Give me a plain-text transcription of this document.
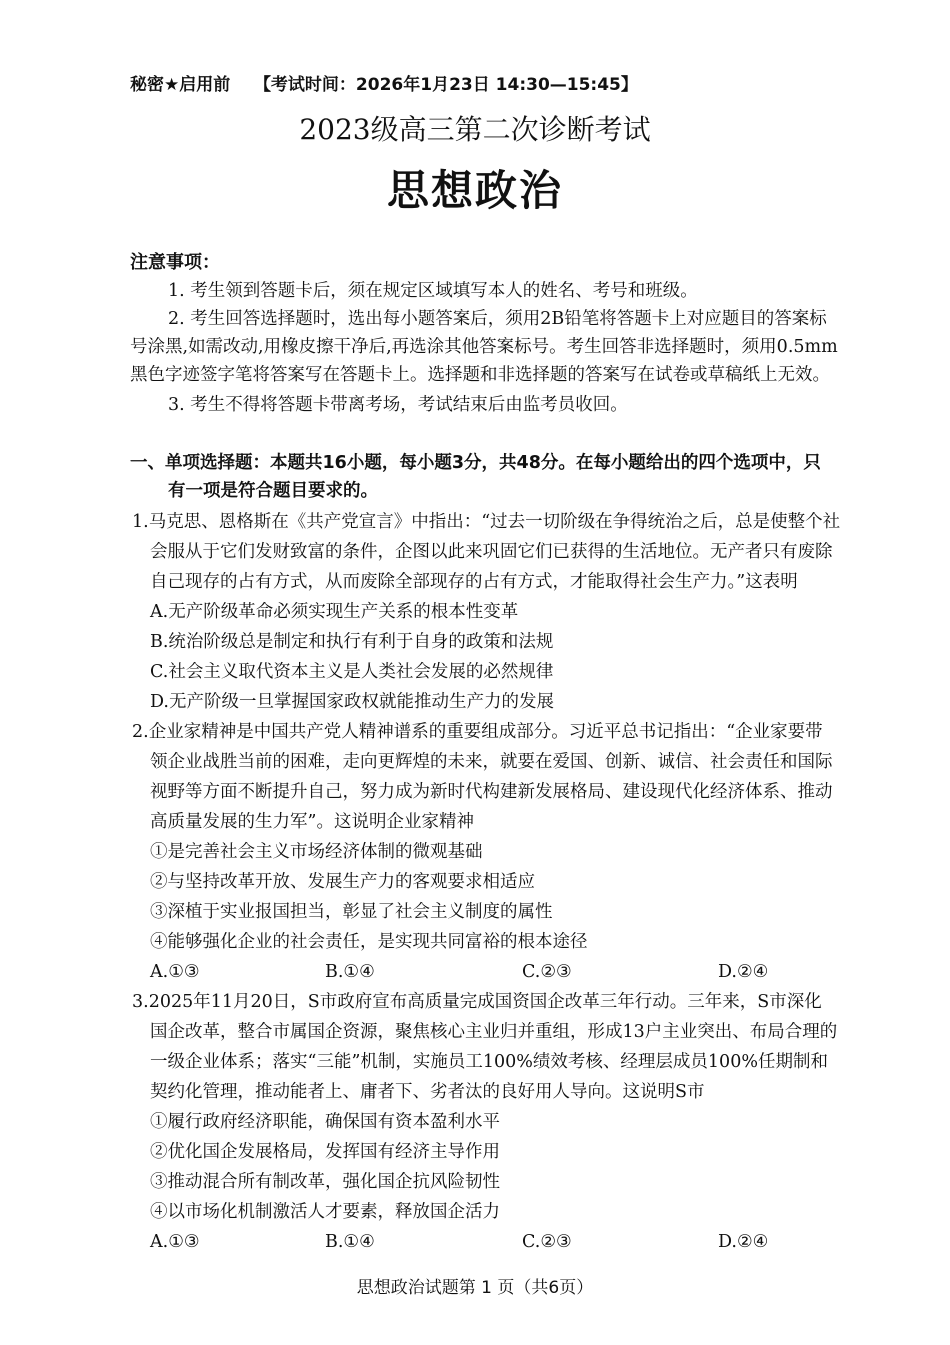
秘密★启用前 【考试时间：2026年1月23日 14:30—15:45】
2023级高三第二次诊断考试
思想政治
注意事项：
1. 考生领到答题卡后，须在规定区域填写本人的姓名、考号和班级。
2. 考生回答选择题时，选出每小题答案后，须用2B铅笔将答题卡上对应题目的答案标
号涂黑,如需改动,用橡皮擦干净后,再选涂其他答案标号。考生回答非选择题时，须用0.5mm
黑色字迹签字笔将答案写在答题卡上。选择题和非选择题的答案写在试卷或草稿纸上无效。
3. 考生不得将答题卡带离考场，考试结束后由监考员收回。
一、单项选择题：本题共16小题，每小题3分，共48分。在每小题给出的四个选项中，只
有一项是符合题目要求的。
1.马克思、恩格斯在《共产党宣言》中指出：“过去一切阶级在争得统治之后，总是使整个社
会服从于它们发财致富的条件，企图以此来巩固它们已获得的生活地位。无产者只有废除
自己现存的占有方式，从而废除全部现存的占有方式，才能取得社会生产力。”这表明
A.无产阶级革命必须实现生产关系的根本性变革
B.统治阶级总是制定和执行有利于自身的政策和法规
C.社会主义取代资本主义是人类社会发展的必然规律
D.无产阶级一旦掌握国家政权就能推动生产力的发展
2.企业家精神是中国共产党人精神谱系的重要组成部分。习近平总书记指出：“企业家要带
领企业战胜当前的困难，走向更辉煌的未来，就要在爱国、创新、诚信、社会责任和国际
视野等方面不断提升自己，努力成为新时代构建新发展格局、建设现代化经济体系、推动
高质量发展的生力军”。这说明企业家精神
①是完善社会主义市场经济体制的微观基础
②与坚持改革开放、发展生产力的客观要求相适应
③深植于实业报国担当，彰显了社会主义制度的属性
④能够强化企业的社会责任，是实现共同富裕的根本途径
A.①③	B.①④	C.②③	D.②④
3.2025年11月20日，S市政府宣布高质量完成国资国企改革三年行动。三年来，S市深化
国企改革，整合市属国企资源，聚焦核心主业归并重组，形成13户主业突出、布局合理的
一级企业体系；落实“三能”机制，实施员工100%绩效考核、经理层成员100%任期制和
契约化管理，推动能者上、庸者下、劣者汰的良好用人导向。这说明S市
①履行政府经济职能，确保国有资本盈利水平
②优化国企发展格局，发挥国有经济主导作用
③推动混合所有制改革，强化国企抗风险韧性
④以市场化机制激活人才要素，释放国企活力
A.①③	B.①④	C.②③	D.②④
思想政治试题第 1 页（共6页）
